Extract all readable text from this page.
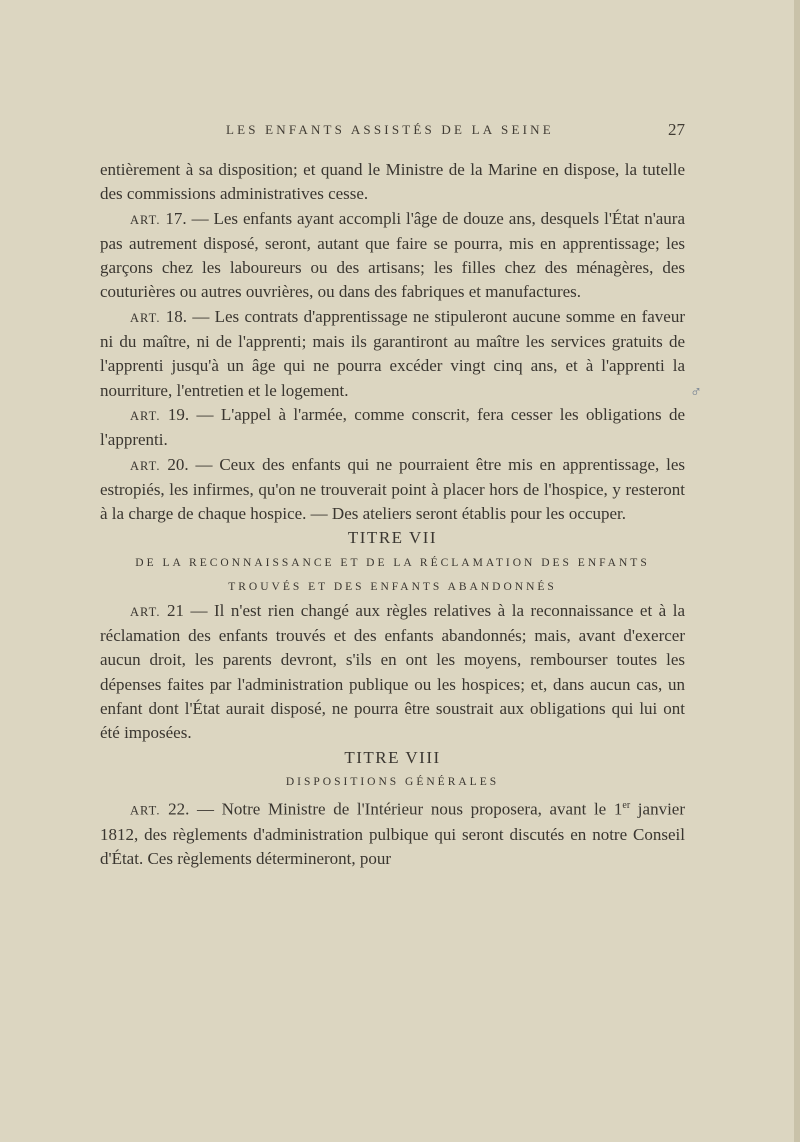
LES ENFANTS ASSISTÉS DE LA SEINE	27

entièrement à sa disposition; et quand le Ministre de la Marine en dispose, la tutelle des commissions administratives cesse.

ART. 17. — Les enfants ayant accompli l'âge de douze ans, desquels l'État n'aura pas autrement disposé, seront, autant que faire se pourra, mis en apprentissage; les garçons chez les laboureurs ou des artisans; les filles chez des ménagères, des couturières ou autres ouvrières, ou dans des fabriques et manufactures.

ART. 18. — Les contrats d'apprentissage ne stipuleront aucune somme en faveur ni du maître, ni de l'apprenti; mais ils garantiront au maître les services gratuits de l'apprenti jusqu'à un âge qui ne pourra excéder vingt cinq ans, et à l'apprenti la nourriture, l'entretien et le logement.

ART. 19. — L'appel à l'armée, comme conscrit, fera cesser les obligations de l'apprenti.

ART. 20. — Ceux des enfants qui ne pourraient être mis en apprentissage, les estropiés, les infirmes, qu'on ne trouverait point à placer hors de l'hospice, y resteront à la charge de chaque hospice. — Des ateliers seront établis pour les occuper.

TITRE VII

DE LA RECONNAISSANCE ET DE LA RÉCLAMATION DES ENFANTS
TROUVÉS ET DES ENFANTS ABANDONNÉS

ART. 21 — Il n'est rien changé aux règles relatives à la reconnaissance et à la réclamation des enfants trouvés et des enfants abandonnés; mais, avant d'exercer aucun droit, les parents devront, s'ils en ont les moyens, rembourser toutes les dépenses faites par l'administration publique ou les hospices; et, dans aucun cas, un enfant dont l'État aurait disposé, ne pourra être soustrait aux obligations qui lui ont été imposées.

TITRE VIII

DISPOSITIONS GÉNÉRALES

ART. 22. — Notre Ministre de l'Intérieur nous proposera, avant le 1er janvier 1812, des règlements d'administration pulbique qui seront discutés en notre Conseil d'État. Ces règlements détermineront, pour

♂
